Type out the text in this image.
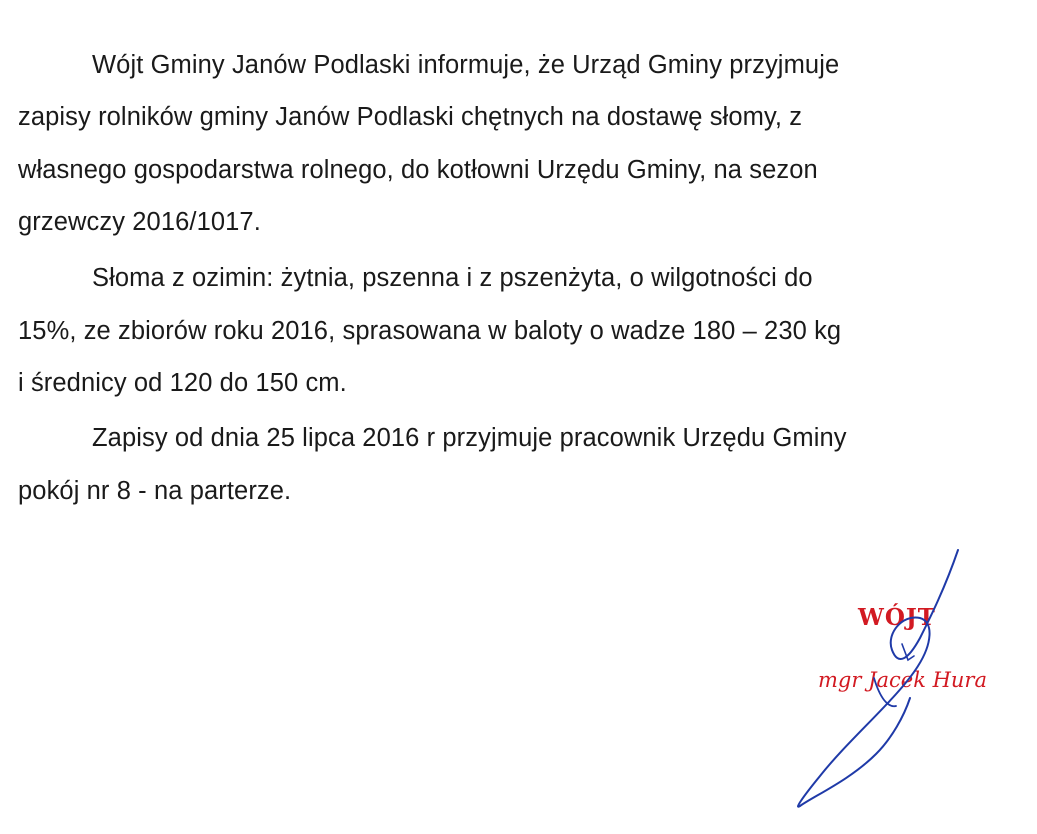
Wójt Gminy Janów Podlaski informuje, że Urząd Gminy przyjmuje
zapisy rolników gminy Janów Podlaski chętnych na dostawę słomy, z
własnego gospodarstwa rolnego, do kotłowni Urzędu Gminy, na sezon
grzewczy 2016/1017.
Słoma z ozimin: żytnia, pszenna i z pszenżyta, o wilgotności do
15%, ze zbiorów roku 2016, sprasowana w baloty o wadze 180 – 230 kg
i średnicy od 120 do 150 cm.
Zapisy od dnia 25 lipca 2016 r przyjmuje pracownik Urzędu Gminy
pokój nr 8 - na parterze.
WÓJT
mgr Jacek Hura
